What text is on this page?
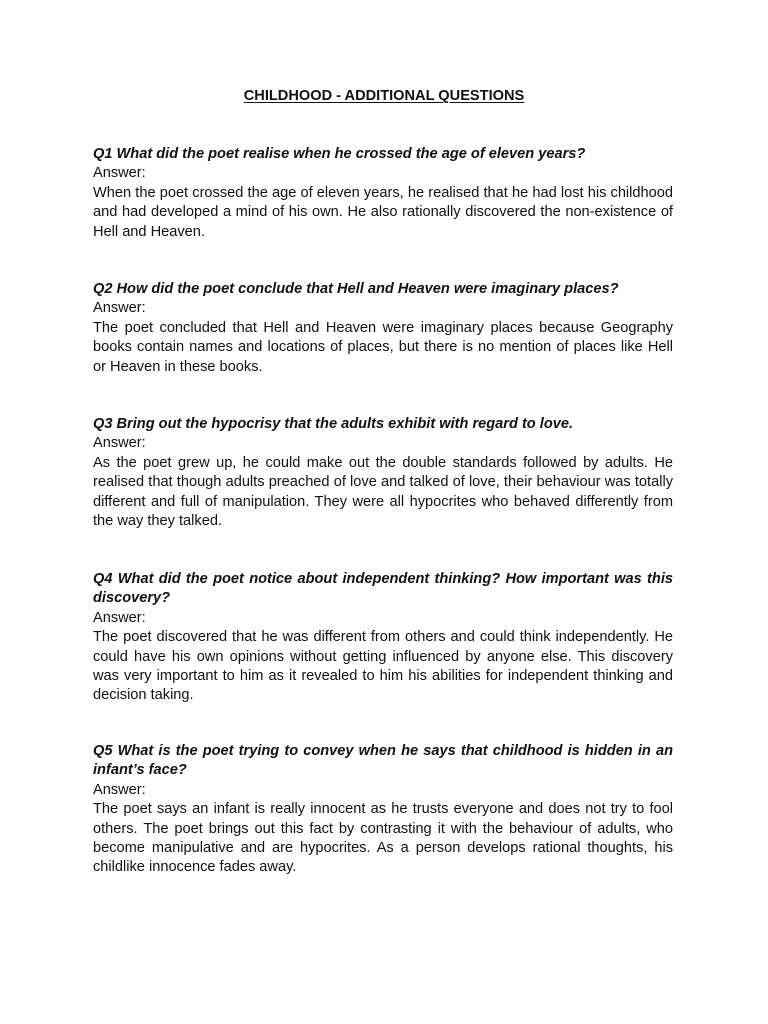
CHILDHOOD - ADDITIONAL QUESTIONS

Q1 What did the poet realise when he crossed the age of eleven years?

Answer:

When the poet crossed the age of eleven years, he realised that he had lost his childhood and had developed a mind of his own. He also rationally discovered the non-existence of Hell and Heaven.

Q2 How did the poet conclude that Hell and Heaven were imaginary places?

Answer:

The poet concluded that Hell and Heaven were imaginary places because Geography books contain names and locations of places, but there is no mention of places like Hell or Heaven in these books.

Q3 Bring out the hypocrisy that the adults exhibit with regard to love.

Answer:

As the poet grew up, he could make out the double standards followed by adults. He realised that though adults preached of love and talked of love, their behaviour was totally different and full of manipulation. They were all hypocrites who behaved differently from the way they talked.

Q4 What did the poet notice about independent thinking? How important was this discovery?

Answer:

The poet discovered that he was different from others and could think independently. He could have his own opinions without getting influenced by anyone else. This discovery was very important to him as it revealed to him his abilities for independent thinking and decision taking.

Q5 What is the poet trying to convey when he says that childhood is hidden in an infant’s face?

Answer:

The poet says an infant is really innocent as he trusts everyone and does not try to fool others. The poet brings out this fact by contrasting it with the behaviour of adults, who become manipulative and are hypocrites. As a person develops rational thoughts, his childlike innocence fades away.
